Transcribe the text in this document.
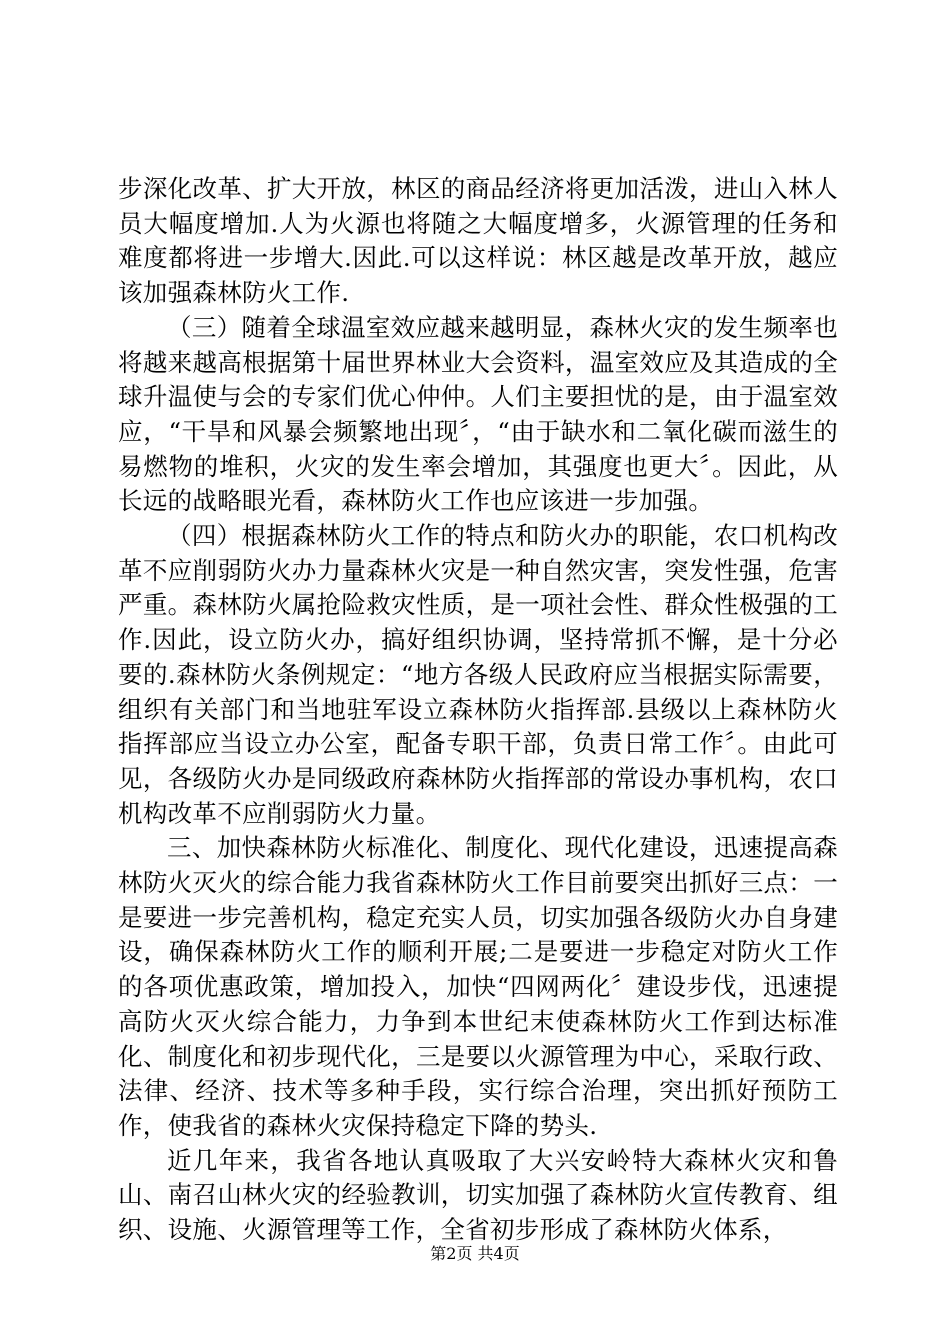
步深化改革、扩大开放，林区的商品经济将更加活泼，进山入林人员大幅度增加.人为火源也将随之大幅度增多，火源管理的任务和难度都将进一步增大.因此.可以这样说：林区越是改革开放，越应该加强森林防火工作.

（三）随着全球温室效应越来越明显，森林火灾的发生频率也将越来越高根据第十届世界林业大会资料，温室效应及其造成的全球升温使与会的专家们优心仲仲。人们主要担忧的是，由于温室效应，“干旱和风暴会频繁地出现〞，“由于缺水和二氧化碳而滋生的易燃物的堆积，火灾的发生率会增加，其强度也更大〞。因此，从长远的战略眼光看，森林防火工作也应该进一步加强。

（四）根据森林防火工作的特点和防火办的职能，农口机构改革不应削弱防火办力量森林火灾是一种自然灾害，突发性强，危害严重。森林防火属抢险救灾性质，是一项社会性、群众性极强的工作.因此，设立防火办，搞好组织协调，坚持常抓不懈，是十分必要的.森林防火条例规定：“地方各级人民政府应当根据实际需要，组织有关部门和当地驻军设立森林防火指挥部.县级以上森林防火指挥部应当设立办公室，配备专职干部，负责日常工作〞。由此可见，各级防火办是同级政府森林防火指挥部的常设办事机构，农口机构改革不应削弱防火力量。

三、加快森林防火标准化、制度化、现代化建设，迅速提高森林防火灭火的综合能力我省森林防火工作目前要突出抓好三点：一是要进一步完善机构，稳定充实人员，切实加强各级防火办自身建设，确保森林防火工作的顺利开展;二是要进一步稳定对防火工作的各项优惠政策，增加投入，加快“四网两化〞建设步伐，迅速提高防火灭火综合能力，力争到本世纪末使森林防火工作到达标准化、制度化和初步现代化，三是要以火源管理为中心，采取行政、法律、经济、技术等多种手段，实行综合治理，突出抓好预防工作，使我省的森林火灾保持稳定下降的势头.

近几年来，我省各地认真吸取了大兴安岭特大森林火灾和鲁山、南召山林火灾的经验教训，切实加强了森林防火宣传教育、组织、设施、火源管理等工作，全省初步形成了森林防火体系，

第2页 共4页
